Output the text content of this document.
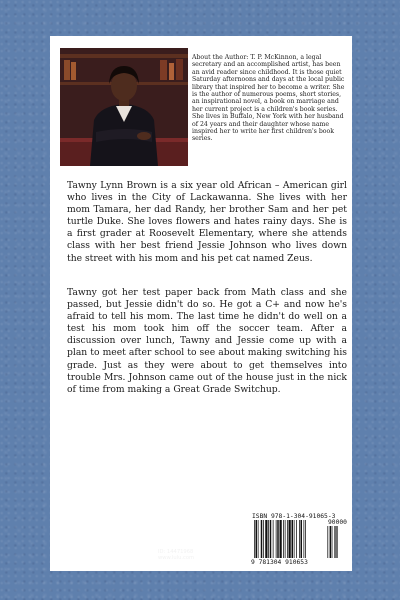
About the Author: T. P. McKinnon, a legal secretary and an accomplished artist, has been an avid reader since childhood. It is those quiet Saturday afternoons and days at the local public library that inspired her to become a writer. She is the author of numerous poems, short stories, an inspirational novel, a book on marriage and her current project is a children's book series. She lives in Buffalo, New York with her husband of 24 years and their daughter whose name inspired her to write her first children's book series.

Tawny Lynn Brown is a six year old African – American girl who lives in the City of Lackawanna. She lives with her mom Tamara, her dad Randy, her brother Sam and her pet turtle Duke. She loves flowers and hates rainy days. She is a first grader at Roosevelt Elementary, where she attends class with her best friend Jessie Johnson who lives down the street with his mom and his pet cat named Zeus.

Tawny got her test paper back from Math class and she passed, but Jessie didn't do so. He got a C+ and now he's afraid to tell his mom. The last time he didn't do well on a test his mom took him off the soccer team. After a discussion over lunch, Tawny and Jessie come up with a plan to meet after school to see about making switching his grade. Just as they were about to get themselves into trouble Mrs. Johnson came out of the house just in the nick of time from making a Great Grade Switchup.

ISBN 978-1-304-91065-3
90000
9 781304 910653
ID: 14471968
www.lulu.com
